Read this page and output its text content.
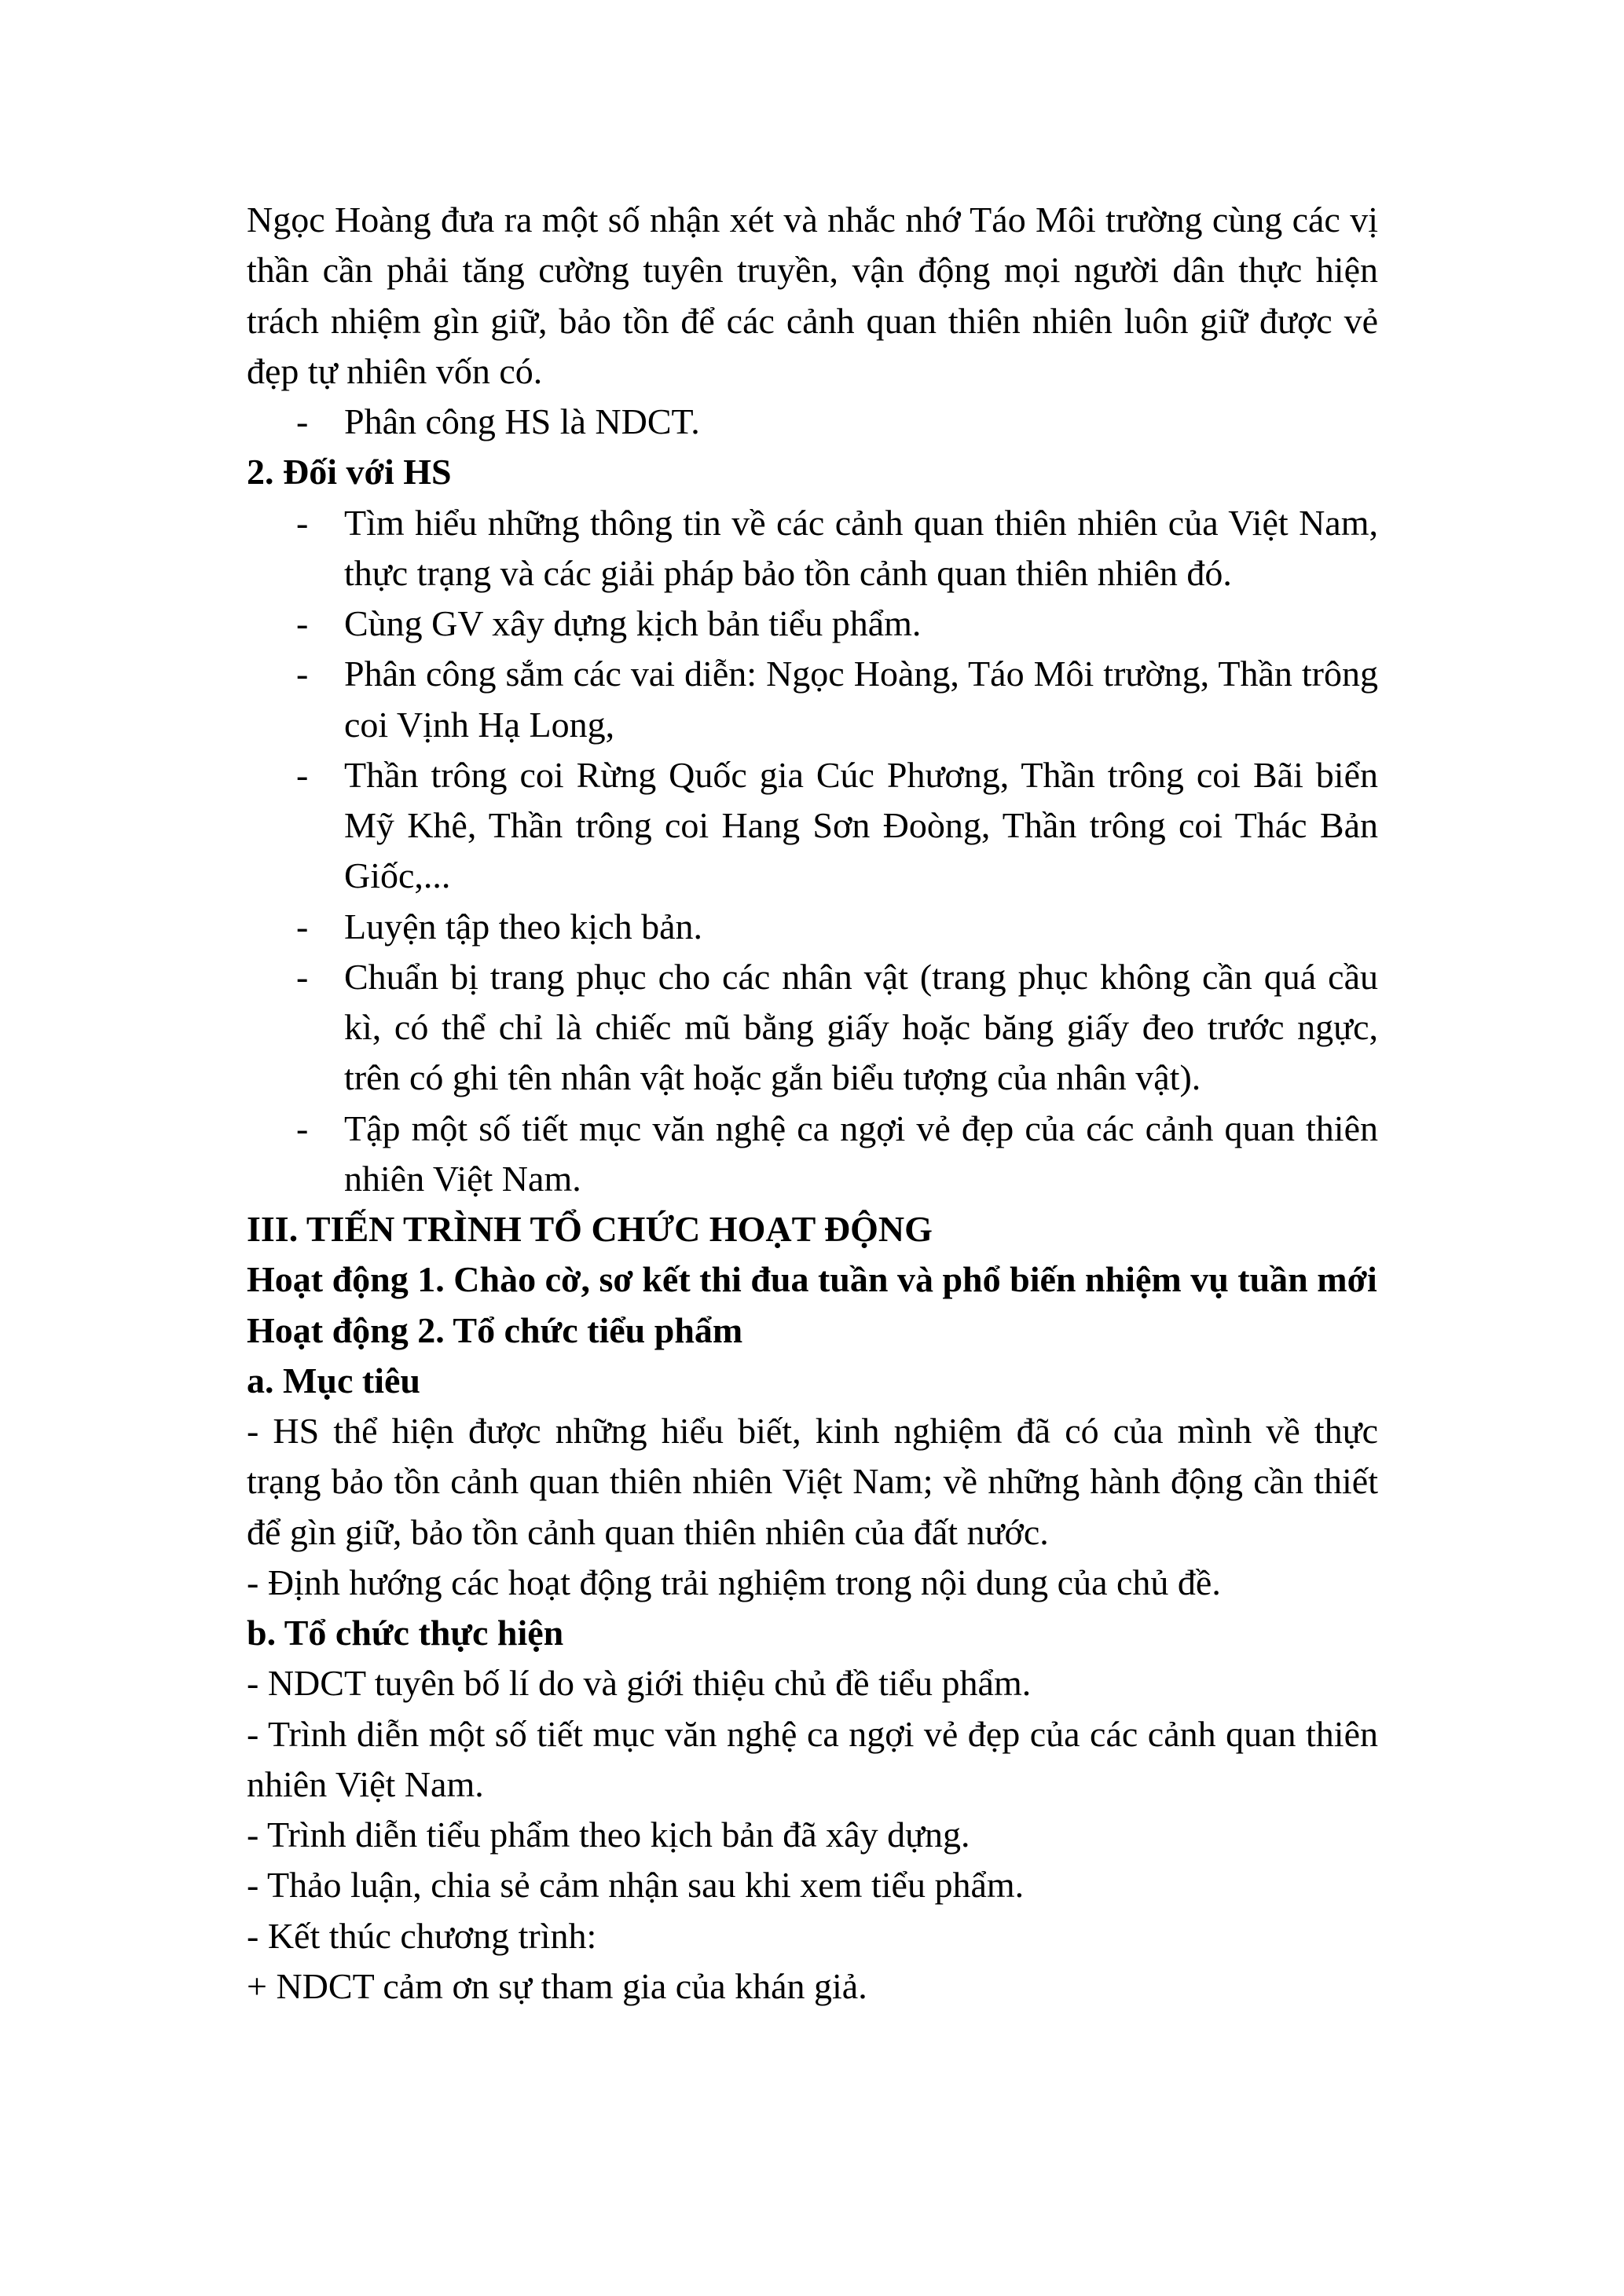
Ngọc Hoàng đưa ra một số nhận xét và nhắc nhớ Táo Môi trường cùng các vị thần cần phải tăng cường tuyên truyền, vận động mọi người dân thực hiện trách nhiệm gìn giữ, bảo tồn để các cảnh quan thiên nhiên luôn giữ được vẻ đẹp tự nhiên vốn có.

- Phân công HS là NDCT.

2. Đối với HS

- Tìm hiểu những thông tin về các cảnh quan thiên nhiên của Việt Nam, thực trạng và các giải pháp bảo tồn cảnh quan thiên nhiên đó.

- Cùng GV xây dựng kịch bản tiểu phẩm.

- Phân công sắm các vai diễn: Ngọc Hoàng, Táo Môi trường, Thần trông coi Vịnh Hạ Long,

- Thần trông coi Rừng Quốc gia Cúc Phương, Thần trông coi Bãi biển Mỹ Khê, Thần trông coi Hang Sơn Đoòng, Thần trông coi Thác Bản Giốc,...

- Luyện tập theo kịch bản.

- Chuẩn bị trang phục cho các nhân vật (trang phục không cần quá cầu kì, có thể chỉ là chiếc mũ bằng giấy hoặc băng giấy đeo trước ngực, trên có ghi tên nhân vật hoặc gắn biểu tượng của nhân vật).

- Tập một số tiết mục văn nghệ ca ngợi vẻ đẹp của các cảnh quan thiên nhiên Việt Nam.

III. TIẾN TRÌNH TỔ CHỨC HOẠT ĐỘNG

Hoạt động 1. Chào cờ, sơ kết thi đua tuần và phổ biến nhiệm vụ tuần mới

Hoạt động 2. Tổ chức tiểu phẩm

a. Mục tiêu

- HS thể hiện được những hiểu biết, kinh nghiệm đã có của mình về thực trạng bảo tồn cảnh quan thiên nhiên Việt Nam; về những hành động cần thiết để gìn giữ, bảo tồn cảnh quan thiên nhiên của đất nước.

- Định hướng các hoạt động trải nghiệm trong nội dung của chủ đề.

b. Tổ chức thực hiện

- NDCT tuyên bố lí do và giới thiệu chủ đề tiểu phẩm.

- Trình diễn một số tiết mục văn nghệ ca ngợi vẻ đẹp của các cảnh quan thiên nhiên Việt Nam.

- Trình diễn tiểu phẩm theo kịch bản đã xây dựng.

- Thảo luận, chia sẻ cảm nhận sau khi xem tiểu phẩm.

- Kết thúc chương trình:

+ NDCT cảm ơn sự tham gia của khán giả.
